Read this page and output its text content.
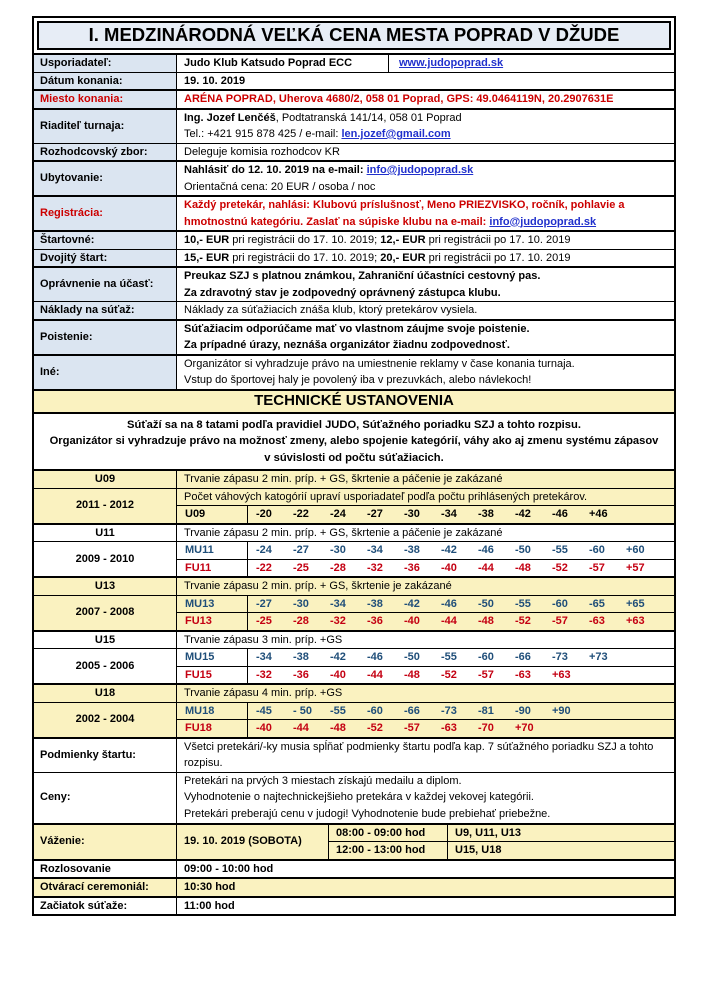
I. MEDZINÁRODNÁ VEĽKÁ CENA MESTA POPRAD V DŽUDE
Usporiadateľ:	Judo Klub Katsudo Poprad ECC	www.judopoprad.sk
Dátum konania:	19. 10. 2019
Miesto konania:	ARÉNA POPRAD, Uherova 4680/2, 058 01 Poprad, GPS: 49.0464119N, 20.2907631E
Riaditeľ turnaja:
Ing. Jozef Lenčéš, Podtatranská 141/14, 058 01 Poprad
Tel.: +421 915 878 425 / e-mail: len.jozef@gmail.com
Rozhodcovský zbor:	Deleguje komisia rozhodcov KR
Ubytovanie:
Nahlásiť do 12. 10. 2019 na e-mail: info@judopoprad.sk
Orientačná cena: 20 EUR / osoba / noc
Registrácia:
Každý pretekár, nahlási: Klubovú príslušnosť, Meno PRIEZVISKO, ročník, pohlavie a hmotnostnú kategóriu. Zaslať na súpiske klubu na e-mail: info@judopoprad.sk
Štartovné:	10,- EUR pri registrácii do 17. 10. 2019; 12,- EUR pri registrácii po 17. 10. 2019
Dvojitý štart:	15,- EUR pri registrácii do 17. 10. 2019; 20,- EUR pri registrácii po 17. 10. 2019
Oprávnenie na účasť:
Preukaz SZJ s platnou známkou, Zahraniční účastníci cestovný pas.
Za zdravotný stav je zodpovedný oprávnený zástupca klubu.
Náklady na súťaž:	Náklady za súťažiacich znáša klub, ktorý pretekárov vysiela.
Poistenie:
Súťažiacim odporúčame mať vo vlastnom záujme svoje poistenie.
Za prípadné úrazy, neznáša organizátor žiadnu zodpovednosť.
Iné:
Organizátor si vyhradzuje právo na umiestnenie reklamy v čase konania turnaja.
Vstup do športovej haly je povolený iba v prezuvkách, alebo návlekoch!
TECHNICKÉ USTANOVENIA
Súťaží sa na 8 tatami podľa pravidiel JUDO, Súťažného poriadku SZJ a tohto rozpisu.
Organizátor si vyhradzuje právo na možnosť zmeny, alebo spojenie kategórií, váhy ako aj zmenu systému zápasov v súvislosti od počtu súťažiacich.
U09	Trvanie zápasu 2 min. príp. + GS, škrtenie a páčenie je zakázané
2011 - 2012
Počet váhových katogórií upraví usporiadateľ podľa počtu prihlásených pretekárov.
U09	-20 -22 -24 -27 -30 -34 -38 -42 -46 +46
U11	Trvanie zápasu 2 min. príp. + GS, škrtenie a páčenie je zakázané
2009 - 2010
MU11	-24 -27 -30 -34 -38 -42 -46 -50 -55 -60 +60
FU11	-22 -25 -28 -32 -36 -40 -44 -48 -52 -57 +57
U13	Trvanie zápasu 2 min. príp. + GS, škrtenie je zakázané
2007 - 2008
MU13	-27 -30 -34 -38 -42 -46 -50 -55 -60 -65 +65
FU13	-25 -28 -32 -36 -40 -44 -48 -52 -57 -63 +63
U15	Trvanie zápasu 3 min. príp. +GS
2005 - 2006
MU15	-34 -38 -42 -46 -50 -55 -60 -66 -73 +73
FU15	-32 -36 -40 -44 -48 -52 -57 -63 +63
U18	Trvanie zápasu 4 min. príp. +GS
2002 - 2004
MU18	-45 - 50 -55 -60 -66 -73 -81 -90 +90
FU18	-40 -44 -48 -52 -57 -63 -70 +70
Podmienky štartu:
Všetci pretekári/-ky musia spĺňať podmienky štartu podľa kap. 7 súťažného poriadku SZJ a tohto rozpisu.
Ceny:
Pretekári na prvých 3 miestach získajú medailu a diplom.
Vyhodnotenie o najtechnickejšieho pretekára v každej vekovej kategórii.
Pretekári preberajú cenu v judogi! Vyhodnotenie bude prebiehať priebežne.
Váženie:	19. 10. 2019 (SOBOTA)
08:00 - 09:00 hod	U9, U11, U13
12:00 - 13:00 hod	U15, U18
Rozlosovanie	09:00 - 10:00 hod
Otvárací ceremoniál:	10:30 hod
Začiatok súťaže:	11:00 hod
